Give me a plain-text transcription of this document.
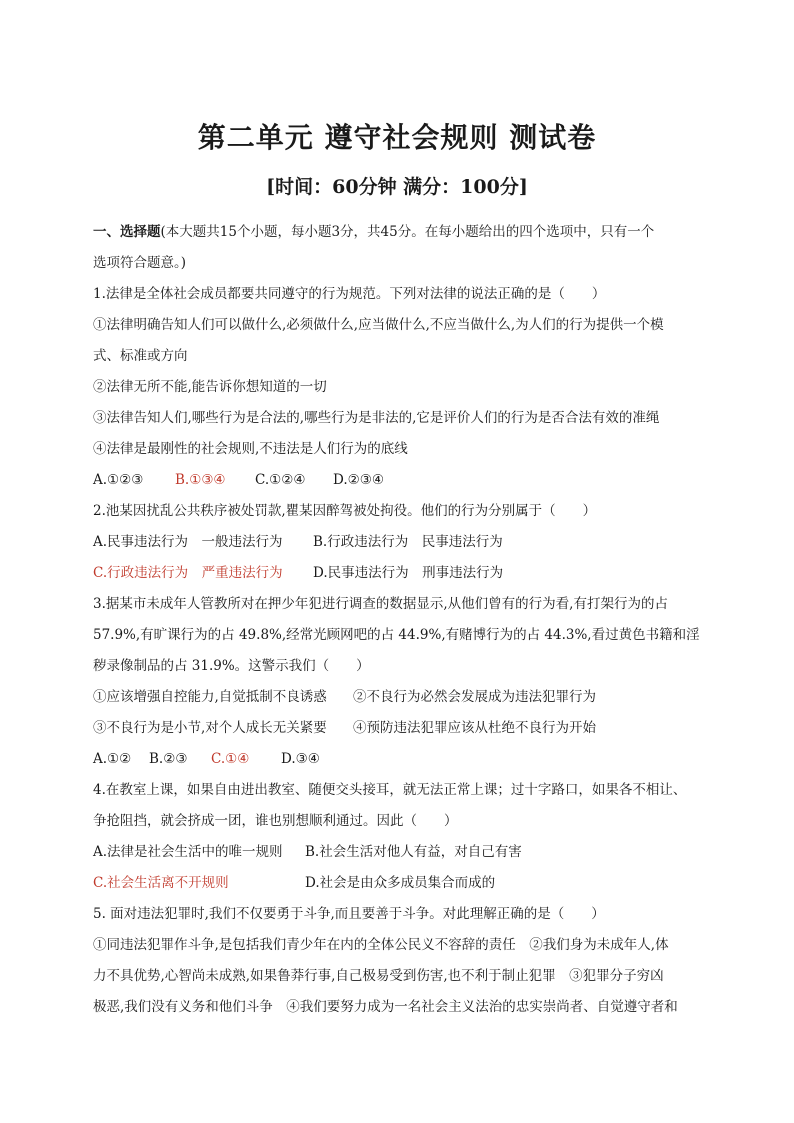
第二单元 遵守社会规则 测试卷
[时间：60分钟 满分：100分]
一、选择题(本大题共15个小题，每小题3分，共45分。在每小题给出的四个选项中，只有一个
选项符合题意。)
1.法律是全体社会成员都要共同遵守的行为规范。下列对法律的说法正确的是（　　）
①法律明确告知人们可以做什么,必须做什么,应当做什么,不应当做什么,为人们的行为提供一个模
式、标准或方向
②法律无所不能,能告诉你想知道的一切
③法律告知人们,哪些行为是合法的,哪些行为是非法的,它是评价人们的行为是否合法有效的准绳
④法律是最刚性的社会规则,不违法是人们行为的底线
A.①②③ B.①③④ C.①②④ D.②③④
2.池某因扰乱公共秩序被处罚款,瞿某因醉驾被处拘役。他们的行为分别属于（　　）
A.民事违法行为　一般违法行为 B.行政违法行为　民事违法行为
C.行政违法行为　严重违法行为 D.民事违法行为　刑事违法行为
3.据某市未成年人管教所对在押少年犯进行调查的数据显示,从他们曾有的行为看,有打架行为的占
57.9%,有旷课行为的占 49.8%,经常光顾网吧的占 44.9%,有赌博行为的占 44.3%,看过黄色书籍和淫
秽录像制品的占 31.9%。这警示我们（　　）
①应该增强自控能力,自觉抵制不良诱惑 ②不良行为必然会发展成为违法犯罪行为
③不良行为是小节,对个人成长无关紧要 ④预防违法犯罪应该从杜绝不良行为开始
A.①② B.②③ C.①④ D.③④
4.在教室上课，如果自由进出教室、随便交头接耳，就无法正常上课；过十字路口，如果各不相让、
争抢阻挡，就会挤成一团，谁也别想顺利通过。因此（　　）
A.法律是社会生活中的唯一规则 B.社会生活对他人有益，对自己有害
C.社会生活离不开规则	D.社会是由众多成员集合而成的
5. 面对违法犯罪时,我们不仅要勇于斗争,而且要善于斗争。对此理解正确的是（　　）
①同违法犯罪作斗争,是包括我们青少年在内的全体公民义不容辞的责任　②我们身为未成年人,体
力不具优势,心智尚未成熟,如果鲁莽行事,自己极易受到伤害,也不利于制止犯罪　③犯罪分子穷凶
极恶,我们没有义务和他们斗争　④我们要努力成为一名社会主义法治的忠实崇尚者、自觉遵守者和
